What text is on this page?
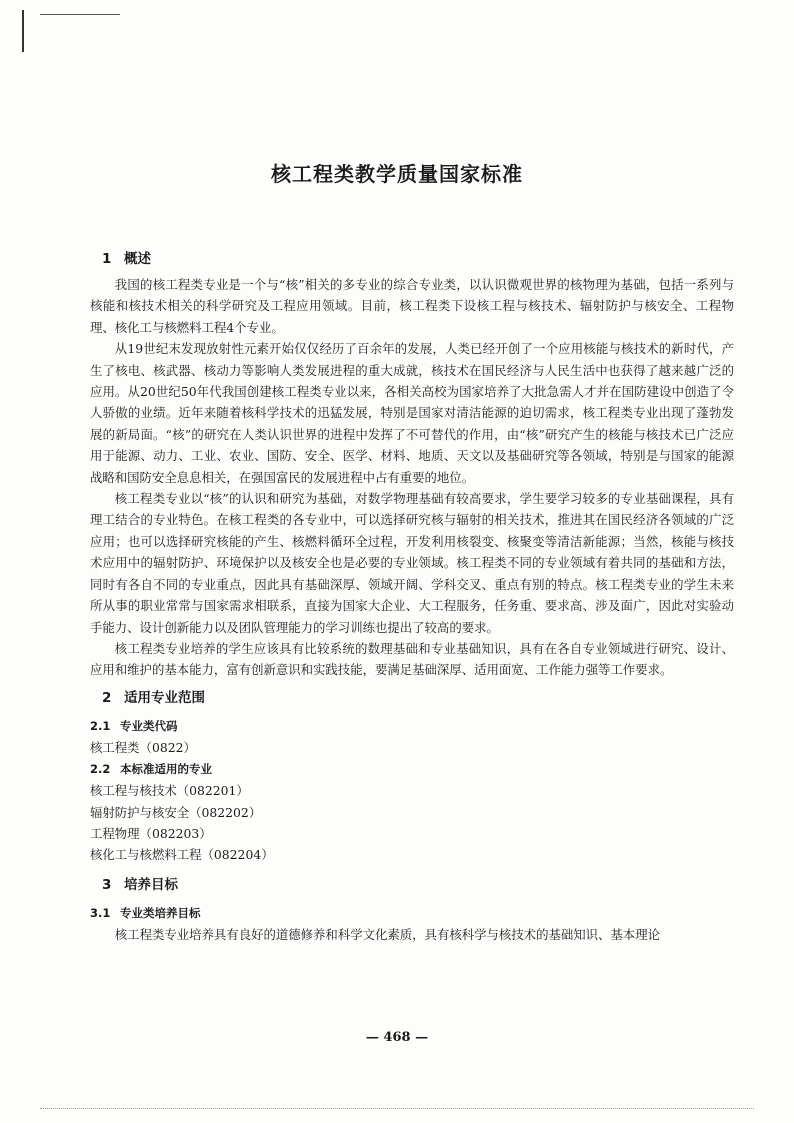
核工程类教学质量国家标准
1 概述

我国的核工程类专业是一个与“核”相关的多专业的综合专业类，以认识微观世界的核物理为基础，包括一系列与核能和核技术相关的科学研究及工程应用领域。目前，核工程类下设核工程与核技术、辐射防护与核安全、工程物理、核化工与核燃料工程4个专业。

从19世纪末发现放射性元素开始仅仅经历了百余年的发展，人类已经开创了一个应用核能与核技术的新时代，产生了核电、核武器、核动力等影响人类发展进程的重大成就，核技术在国民经济与人民生活中也获得了越来越广泛的应用。从20世纪50年代我国创建核工程类专业以来，各相关高校为国家培养了大批急需人才并在国防建设中创造了令人骄傲的业绩。近年来随着核科学技术的迅猛发展，特别是国家对清洁能源的迫切需求，核工程类专业出现了蓬勃发展的新局面。“核”的研究在人类认识世界的进程中发挥了不可替代的作用，由“核”研究产生的核能与核技术已广泛应用于能源、动力、工业、农业、国防、安全、医学、材料、地质、天文以及基础研究等各领域，特别是与国家的能源战略和国防安全息息相关，在强国富民的发展进程中占有重要的地位。

核工程类专业以“核”的认识和研究为基础，对数学物理基础有较高要求，学生要学习较多的专业基础课程，具有理工结合的专业特色。在核工程类的各专业中，可以选择研究核与辐射的相关技术，推进其在国民经济各领域的广泛应用；也可以选择研究核能的产生、核燃料循环全过程，开发利用核裂变、核聚变等清洁新能源；当然，核能与核技术应用中的辐射防护、环境保护以及核安全也是必要的专业领域。核工程类不同的专业领域有着共同的基础和方法，同时有各自不同的专业重点，因此具有基础深厚、领域开阔、学科交叉、重点有别的特点。核工程类专业的学生未来所从事的职业常常与国家需求相联系，直接为国家大企业、大工程服务，任务重、要求高、涉及面广，因此对实验动手能力、设计创新能力以及团队管理能力的学习训练也提出了较高的要求。

核工程类专业培养的学生应该具有比较系统的数理基础和专业基础知识，具有在各自专业领域进行研究、设计、应用和维护的基本能力，富有创新意识和实践技能，要满足基础深厚、适用面宽、工作能力强等工作要求。

2 适用专业范围
2.1 专业类代码
核工程类（0822）
2.2 本标准适用的专业
核工程与核技术（082201）
辐射防护与核安全（082202）
工程物理（082203）
核化工与核燃料工程（082204）
3 培养目标
3.1 专业类培养目标
核工程类专业培养具有良好的道德修养和科学文化素质，具有核科学与核技术的基础知识、基本理论
— 468 —
